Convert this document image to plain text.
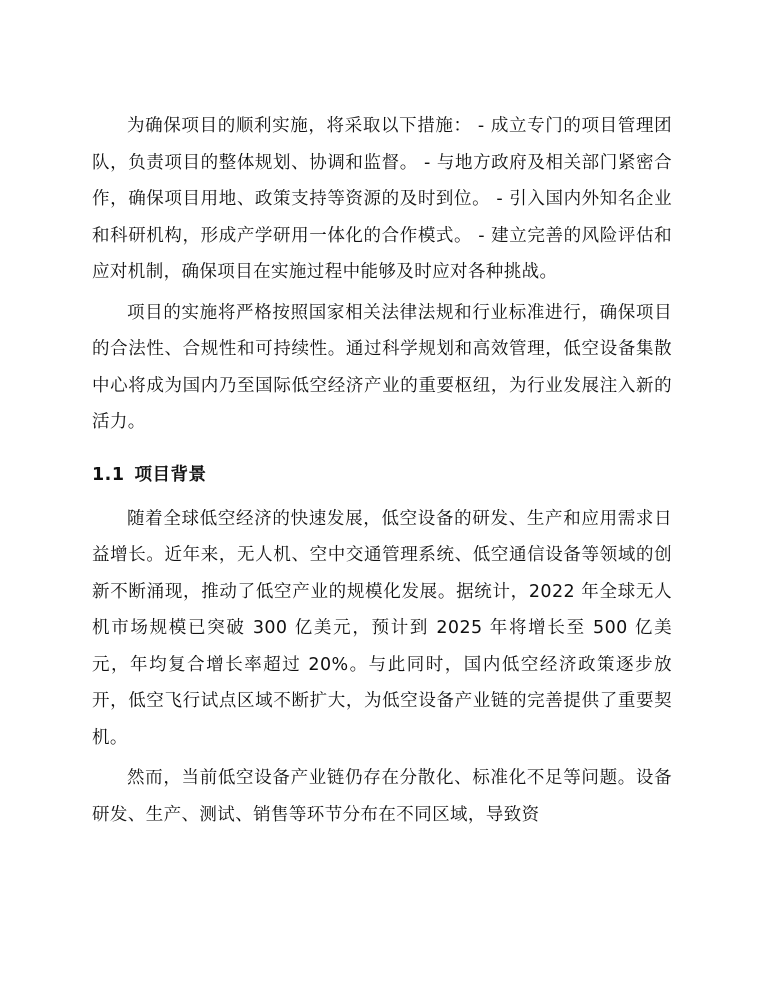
为确保项目的顺利实施，将采取以下措施： - 成立专门的项目管理团队，负责项目的整体规划、协调和监督。 - 与地方政府及相关部门紧密合作，确保项目用地、政策支持等资源的及时到位。 - 引入国内外知名企业和科研机构，形成产学研用一体化的合作模式。 - 建立完善的风险评估和应对机制，确保项目在实施过程中能够及时应对各种挑战。

项目的实施将严格按照国家相关法律法规和行业标准进行，确保项目的合法性、合规性和可持续性。通过科学规划和高效管理，低空设备集散中心将成为国内乃至国际低空经济产业的重要枢纽，为行业发展注入新的活力。

1.1 项目背景

随着全球低空经济的快速发展，低空设备的研发、生产和应用需求日益增长。近年来，无人机、空中交通管理系统、低空通信设备等领域的创新不断涌现，推动了低空产业的规模化发展。据统计，2022 年全球无人机市场规模已突破 300 亿美元，预计到 2025 年将增长至 500 亿美元，年均复合增长率超过 20%。与此同时，国内低空经济政策逐步放开，低空飞行试点区域不断扩大，为低空设备产业链的完善提供了重要契机。

然而，当前低空设备产业链仍存在分散化、标准化不足等问题。设备研发、生产、测试、销售等环节分布在不同区域，导致资
